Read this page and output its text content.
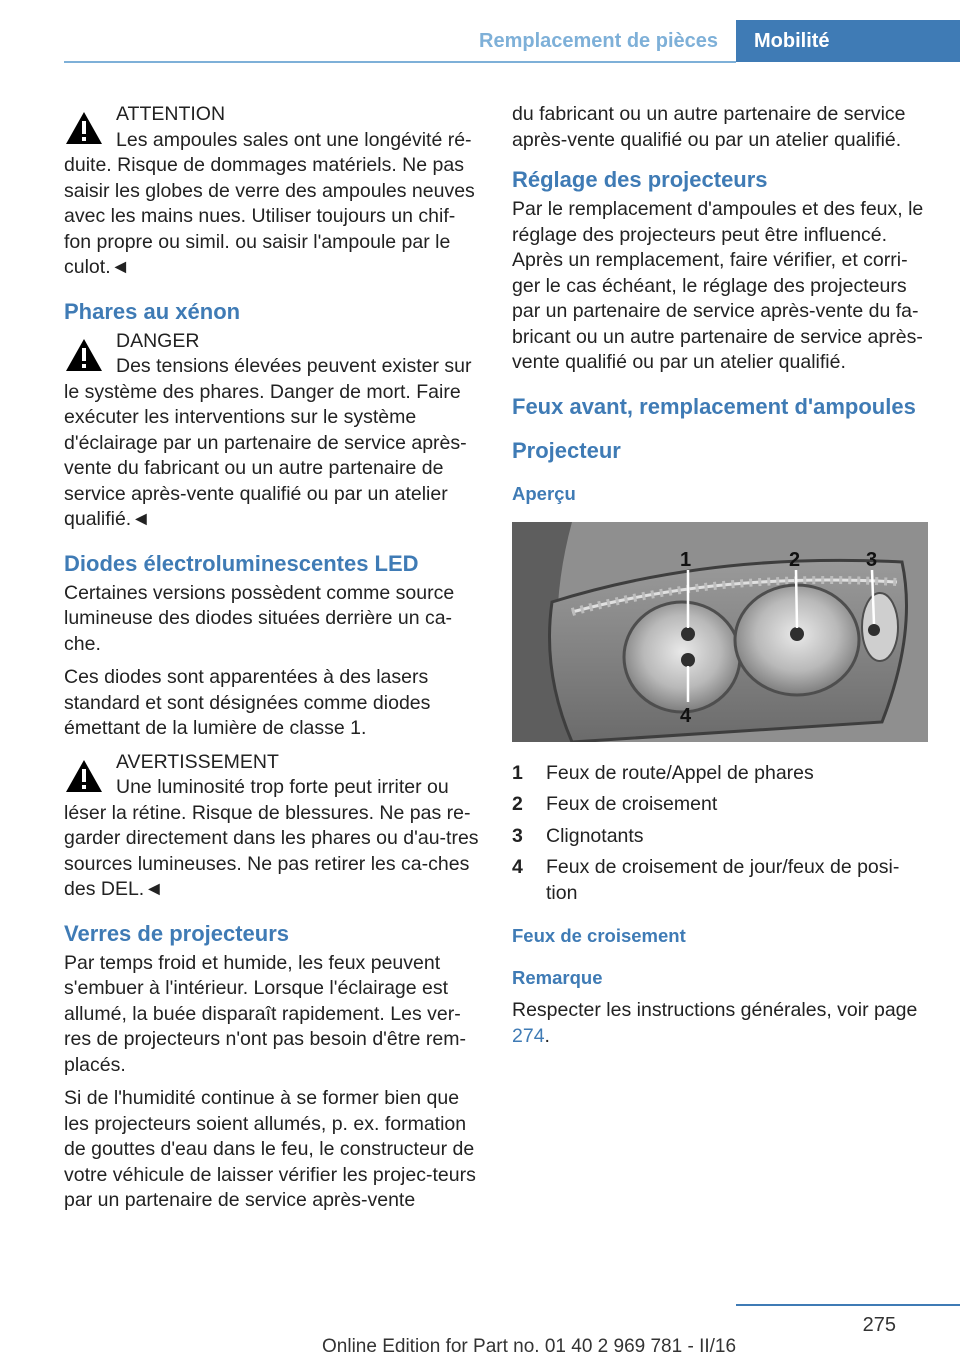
Remplacement de pièces	Mobilité
ATTENTION
Les ampoules sales ont une longévité ré-
duite. Risque de dommages matériels. Ne pas saisir les globes de verre des ampoules neuves avec les mains nues. Utiliser toujours un chif-fon propre ou simil. ou saisir l'ampoule par le culot.◄
Phares au xénon
DANGER
Des tensions élevées peuvent exister sur
le système des phares. Danger de mort. Faire exécuter les interventions sur le système d'éclairage par un partenaire de service après-vente du fabricant ou un autre partenaire de service après-vente qualifié ou par un atelier qualifié.◄
Diodes électroluminescentes LED

Certaines versions possèdent comme source lumineuse des diodes situées derrière un ca-che.

Ces diodes sont apparentées à des lasers standard et sont désignées comme diodes émettant de la lumière de classe 1.

AVERTISSEMENT
Une luminosité trop forte peut irriter ou
léser la rétine. Risque de blessures. Ne pas re-garder directement dans les phares ou d'au-tres sources lumineuses. Ne pas retirer les ca-ches des DEL.◄
Verres de projecteurs

Par temps froid et humide, les feux peuvent s'embuer à l'intérieur. Lorsque l'éclairage est allumé, la buée disparaît rapidement. Les ver-res de projecteurs n'ont pas besoin d'être rem-placés.

Si de l'humidité continue à se former bien que les projecteurs soient allumés, p. ex. formation de gouttes d'eau dans le feu, le constructeur de votre véhicule de laisser vérifier les projec-teurs par un partenaire de service après-vente

du fabricant ou un autre partenaire de service après-vente qualifié ou par un atelier qualifié.

Réglage des projecteurs

Par le remplacement d'ampoules et des feux, le réglage des projecteurs peut être influencé. Après un remplacement, faire vérifier, et corri-ger le cas échéant, le réglage des projecteurs par un partenaire de service après-vente du fa-bricant ou un autre partenaire de service après-vente qualifié ou par un atelier qualifié.

Feux avant, remplacement d'ampoules
Projecteur
Aperçu
1	2	3
4
1	Feux de route/Appel de phares
2	Feux de croisement
3	Clignotants
4	Feux de croisement de jour/feux de posi-tion
Feux de croisement
Remarque

Respecter les instructions générales, voir page 274.

275
Online Edition for Part no. 01 40 2 969 781 - II/16
